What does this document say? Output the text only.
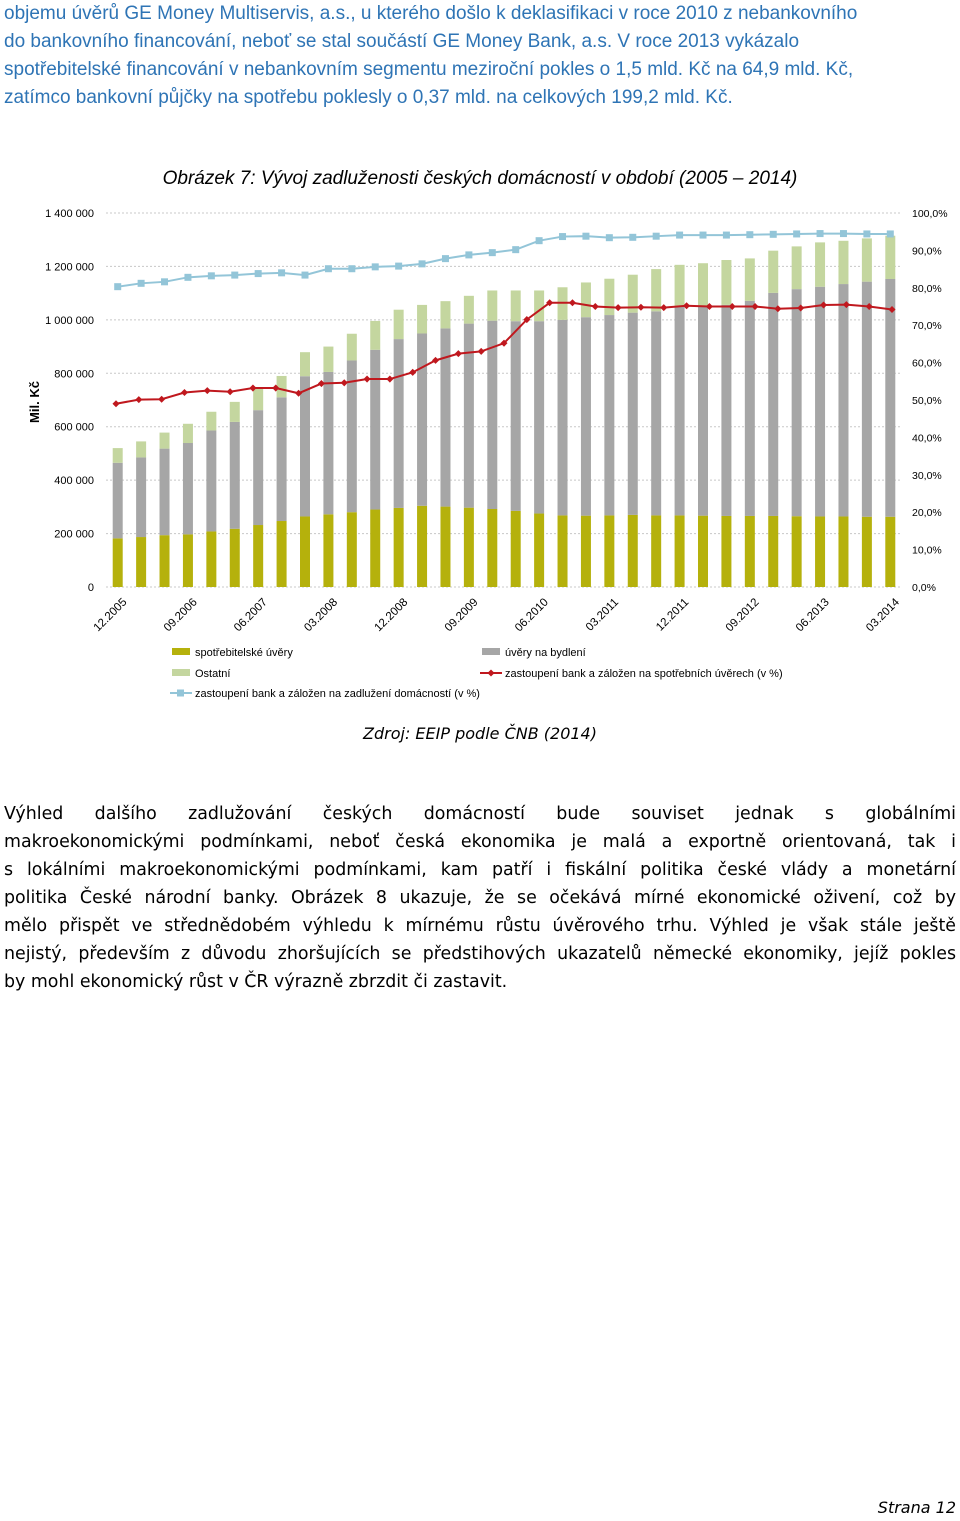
objemu úvěrů GE Money Multiservis, a.s., u kterého došlo k deklasifikaci v roce 2010 z nebankovního
do bankovního financování, neboť se stal součástí GE Money Bank, a.s. V roce 2013 vykázalo
spotřebitelské financování v nebankovním segmentu meziroční pokles o 1,5 mld. Kč na 64,9 mld. Kč,
zatímco bankovní půjčky na spotřebu poklesly o 0,37 mld. na celkových 199,2 mld. Kč.
Obrázek 7: Vývoj zadluženosti českých domácností v období (2005 – 2014)
Mil. Kč
0
200 000
400 000
600 000
800 000
1 000 000
1 200 000
1 400 000
0,0%
10,0%
20,0%
30,0%
40,0%
50,0%
60,0%
70,0%
80,0%
90,0%
100,0%
12.2005	09.2006	06.2007	03.2008	12.2008	09.2009	06.2010	03.2011	12.2011	09.2012	06.2013	03.2014
spotřebitelské úvěry	úvěry na bydlení
Ostatní	zastoupení bank a záložen na spotřebních úvěrech (v %)
zastoupení bank a záložen na zadlužení domácností (v %)
Zdroj: EEIP podle ČNB (2014)
Výhled dalšího zadlužování českých domácností bude souviset jednak s globálními
makroekonomickými podmínkami, neboť česká ekonomika je malá a exportně orientovaná, tak i
s lokálními makroekonomickými podmínkami, kam patří i fiskální politika české vlády a monetární
politika České národní banky. Obrázek 8 ukazuje, že se očekává mírné ekonomické oživení, což by
mělo přispět ve střednědobém výhledu k mírnému růstu úvěrového trhu. Výhled je však stále ještě
nejistý, především z důvodu zhoršujících se předstihových ukazatelů německé ekonomiky, jejíž pokles
by mohl ekonomický růst v ČR výrazně zbrzdit či zastavit.
Strana 12
